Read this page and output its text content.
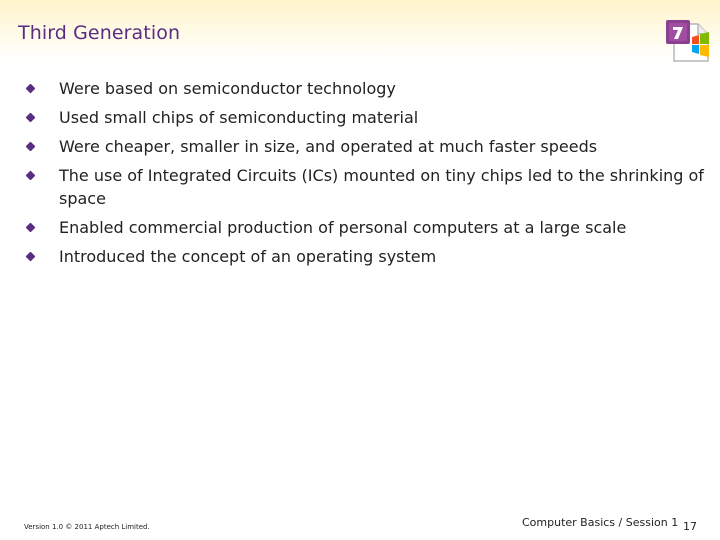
Third Generation
Were based on semiconductor technology
Used small chips of semiconducting material
Were cheaper, smaller in size, and operated at much faster speeds
The use of Integrated Circuits (ICs) mounted on tiny chips led to the shrinking of space
Enabled commercial production of personal computers at a large scale
Introduced the concept of an operating system
Version 1.0 © 2011 Aptech Limited.	Computer Basics / Session 1 17
